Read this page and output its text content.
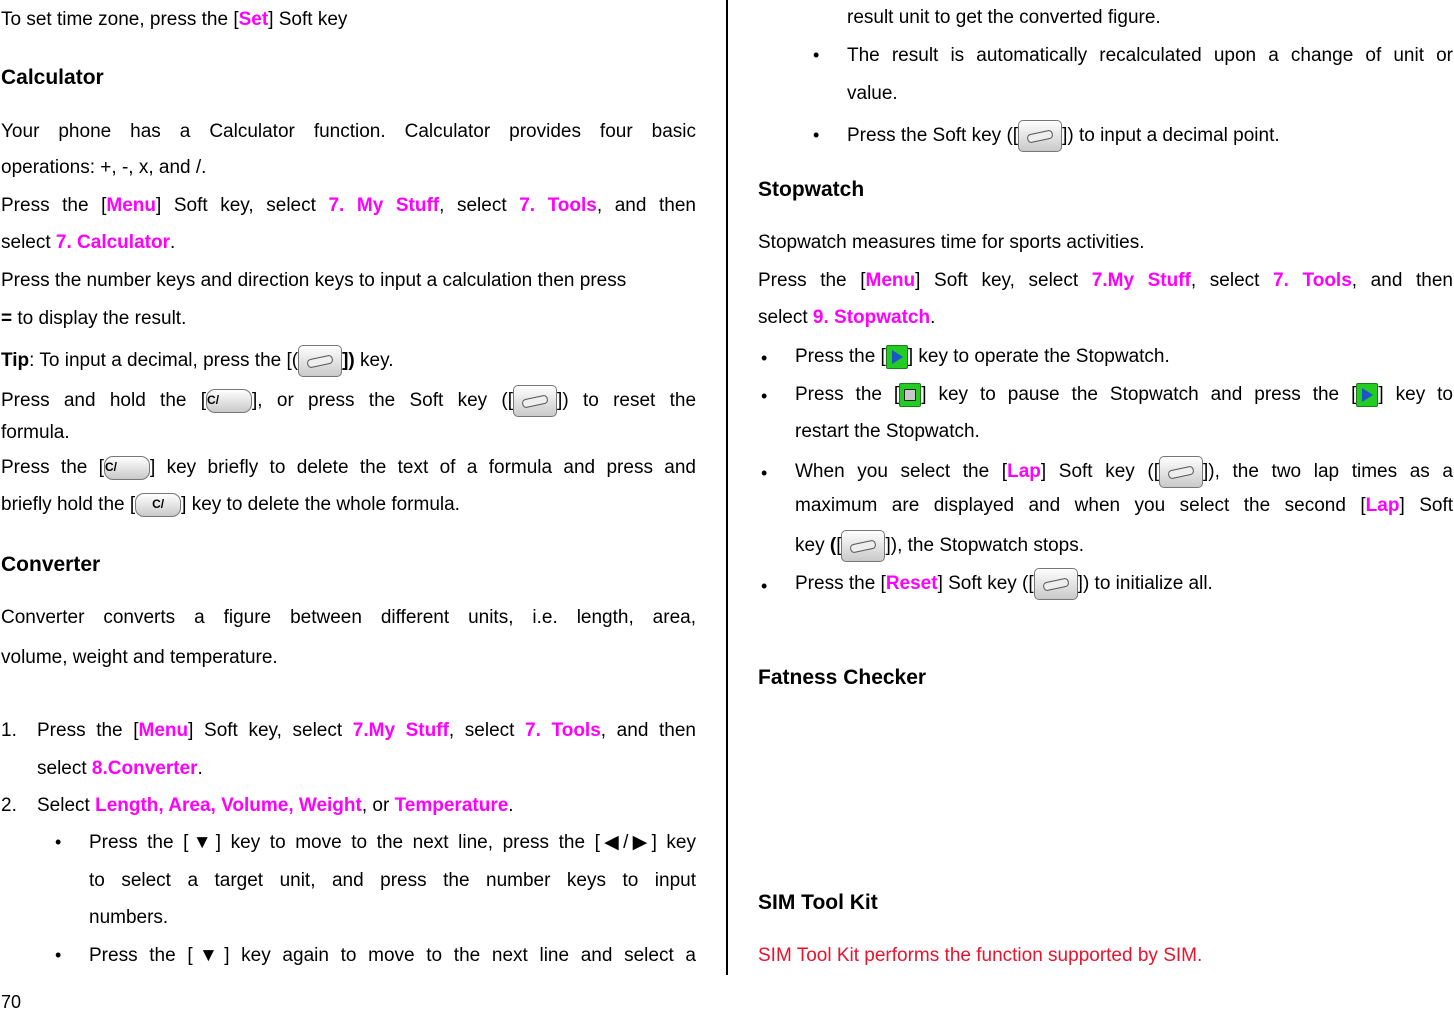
To set time zone, press the [Set] Soft key
Calculator
Your phone has a Calculator function. Calculator provides four basic
operations: +, -, x, and /.
Press the [Menu] Soft key, select 7. My Stuff, select 7. Tools, and then
select 7. Calculator.
Press the number keys and direction keys to input a calculation then press
= to display the result.
Tip: To input a decimal, press the [( ]) key.
Press and hold the [C/ ], or press the Soft key ([ ]) to reset the
formula.
Press the [C/ ] key briefly to delete the text of a formula and press and
briefly hold the [ C/ ] key to delete the whole formula.
Converter
Converter converts a figure between different units, i.e. length, area,
volume, weight and temperature.
1. Press the [Menu] Soft key, select 7.My Stuff, select 7. Tools, and then
select 8.Converter.
2. Select Length, Area, Volume, Weight, or Temperature.
• Press the [▼] key to move to the next line, press the [◀/▶] key
to select a target unit, and press the number keys to input
numbers.
• Press the [▼] key again to move to the next line and select a
70
result unit to get the converted figure.
• The result is automatically recalculated upon a change of unit or
value.
• Press the Soft key ([ ]) to input a decimal point.
Stopwatch
Stopwatch measures time for sports activities.
Press the [Menu] Soft key, select 7.My Stuff, select 7. Tools, and then
select 9. Stopwatch.
• Press the [ ] key to operate the Stopwatch.
• Press the [ ] key to pause the Stopwatch and press the [ ] key to
restart the Stopwatch.
• When you select the [Lap] Soft key ([ ]), the two lap times as a
maximum are displayed and when you select the second [Lap] Soft
key ([ ]), the Stopwatch stops.
• Press the [Reset] Soft key ([ ]) to initialize all.
Fatness Checker
SIM Tool Kit
SIM Tool Kit performs the function supported by SIM.
